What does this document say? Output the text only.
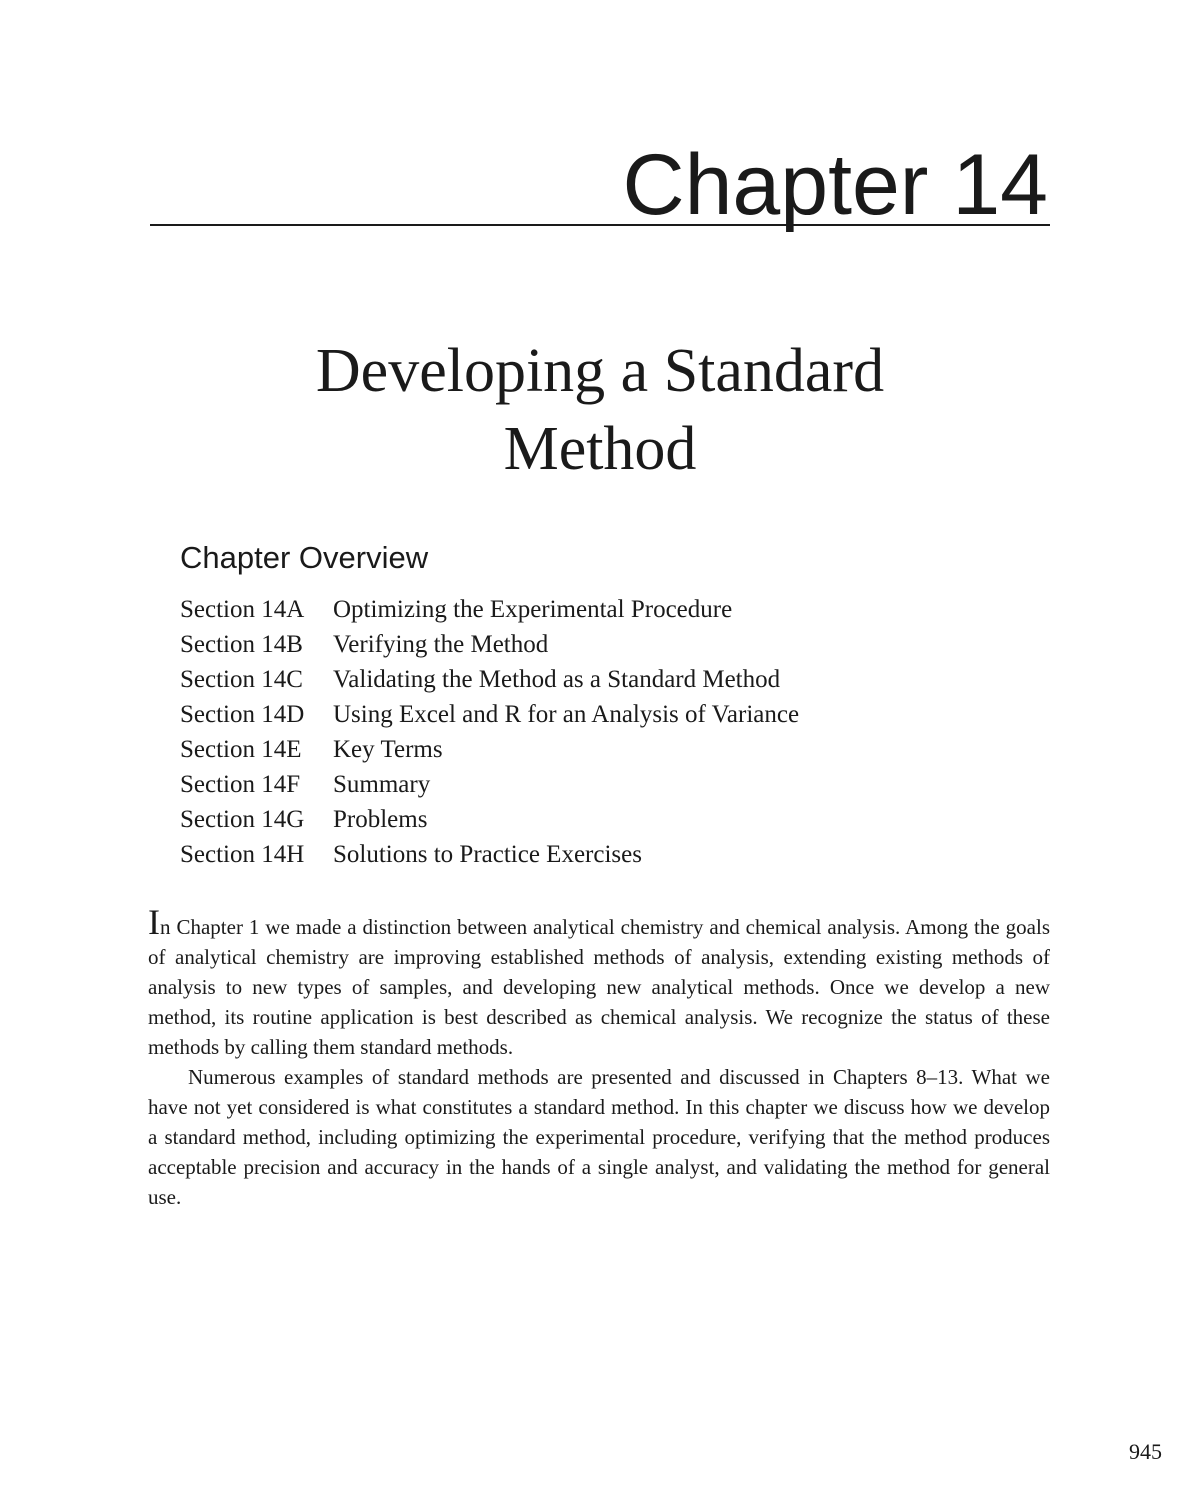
Chapter 14
Developing a Standard
Method
Chapter Overview
Section 14A Optimizing the Experimental Procedure
Section 14B Verifying the Method
Section 14C Validating the Method as a Standard Method
Section 14D Using Excel and R for an Analysis of Variance
Section 14E Key Terms
Section 14F Summary
Section 14G Problems
Section 14H Solutions to Practice Exercises

In Chapter 1 we made a distinction between analytical chemistry and chemical analysis. Among the goals of analytical chemistry are improving established methods of analysis, extending existing methods of analysis to new types of samples, and developing new analytical methods. Once we develop a new method, its routine application is best described as chemical analysis. We recognize the status of these methods by calling them standard methods.

Numerous examples of standard methods are presented and discussed in Chapters 8–13. What we have not yet considered is what constitutes a standard method. In this chapter we discuss how we develop a standard method, including optimizing the experimental procedure, verifying that the method produces acceptable precision and accuracy in the hands of a single analyst, and validating the method for general use.

945
